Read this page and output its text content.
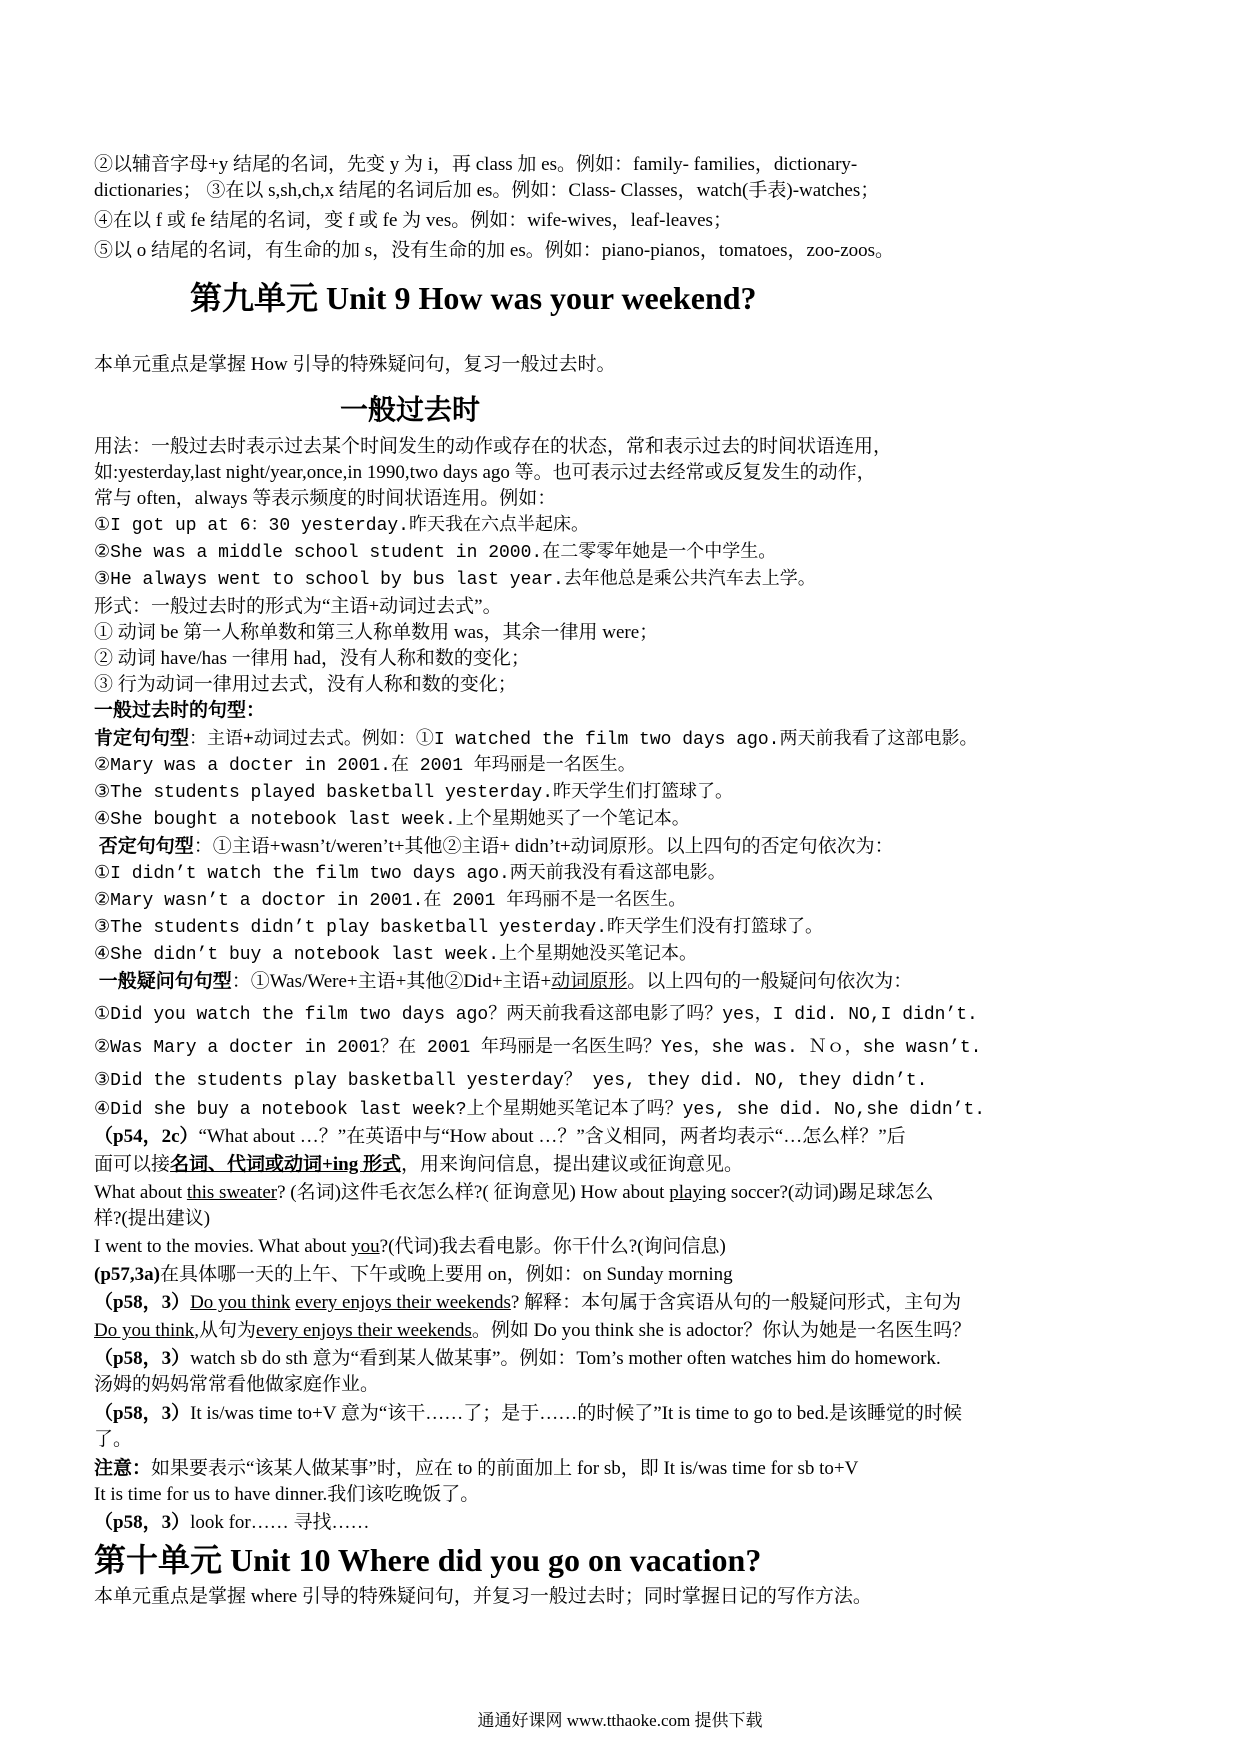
②以辅音字母+y 结尾的名词，先变 y 为 i，再 class 加 es。例如：family- families，dictionary-
dictionaries； ③在以 s,sh,ch,x 结尾的名词后加 es。例如：Class- Classes，watch(手表)-watches；
④在以 f 或 fe 结尾的名词，变 f 或 fe 为 ves。例如：wife-wives，leaf-leaves；
⑤以 o 结尾的名词，有生命的加 s，没有生命的加 es。例如：piano-pianos，tomatoes，zoo-zoos。
第九单元 Unit 9 How was your weekend?
本单元重点是掌握 How 引导的特殊疑问句，复习一般过去时。
一般过去时
用法：一般过去时表示过去某个时间发生的动作或存在的状态，常和表示过去的时间状语连用，
如:yesterday,last night/year,once,in 1990,two days ago 等。也可表示过去经常或反复发生的动作，
常与 often，always 等表示频度的时间状语连用。例如：
①I got up at 6：30 yesterday.昨天我在六点半起床。
②She was a middle school student in 2000.在二零零年她是一个中学生。
③He always went to school by bus last year.去年他总是乘公共汽车去上学。
形式：一般过去时的形式为“主语+动词过去式”。
① 动词 be 第一人称单数和第三人称单数用 was，其余一律用 were；
② 动词 have/has 一律用 had，没有人称和数的变化；
③ 行为动词一律用过去式，没有人称和数的变化；
一般过去时的句型：
肯定句句型：主语+动词过去式。例如：①I watched the film two days ago.两天前我看了这部电影。
②Mary was a docter in 2001.在 2001 年玛丽是一名医生。
③The students played basketball yesterday.昨天学生们打篮球了。
④She bought a notebook last week.上个星期她买了一个笔记本。
否定句句型：①主语+wasn’t/weren’t+其他②主语+ didn’t+动词原形。以上四句的否定句依次为：
①I didn’t watch the film two days ago.两天前我没有看这部电影。
②Mary wasn’t a doctor in 2001.在 2001 年玛丽不是一名医生。
③The students didn’t play basketball yesterday.昨天学生们没有打篮球了。
④She didn’t buy a notebook last week.上个星期她没买笔记本。
一般疑问句句型：①Was/Were+主语+其他②Did+主语+动词原形。以上四句的一般疑问句依次为：
①Did you watch the film two days ago？两天前我看这部电影了吗？yes，I did. NO,I didn’t.
②Was Mary a docter in 2001？在 2001 年玛丽是一名医生吗？Yes，she was. Ｎｏ，she wasn’t.
③Did the students play basketball yesterday？ yes, they did. NO, they didn’t.
④Did she buy a notebook last week?上个星期她买笔记本了吗？yes, she did. No,she didn’t.
（p54，2c）“What about …？”在英语中与“How about …？”含义相同，两者均表示“…怎么样？”后
面可以接名词、代词或动词+ing 形式，用来询问信息，提出建议或征询意见。
What about this sweater? (名词)这件毛衣怎么样?( 征询意见) How about playing soccer?(动词)踢足球怎么
样?(提出建议)
I went to the movies. What about you?(代词)我去看电影。你干什么?(询问信息)
(p57,3a)在具体哪一天的上午、下午或晚上要用 on，例如：on Sunday morning
（p58，3）Do you think every enjoys their weekends? 解释：本句属于含宾语从句的一般疑问形式，主句为
Do you think,从句为every enjoys their weekends。例如 Do you think she is adoctor？你认为她是一名医生吗？
（p58，3）watch sb do sth 意为“看到某人做某事”。例如：Tom’s mother often watches him do homework.
汤姆的妈妈常常看他做家庭作业。
（p58，3）It is/was time to+V 意为“该干……了；是于……的时候了”It is time to go to bed.是该睡觉的时候
了。
注意：如果要表示“该某人做某事”时，应在 to 的前面加上 for sb，即 It is/was time for sb to+V
It is time for us to have dinner.我们该吃晚饭了。
（p58，3）look for…… 寻找……
第十单元 Unit 10 Where did you go on vacation?
本单元重点是掌握 where 引导的特殊疑问句，并复习一般过去时；同时掌握日记的写作方法。
通通好课网 www.tthaoke.com 提供下载
